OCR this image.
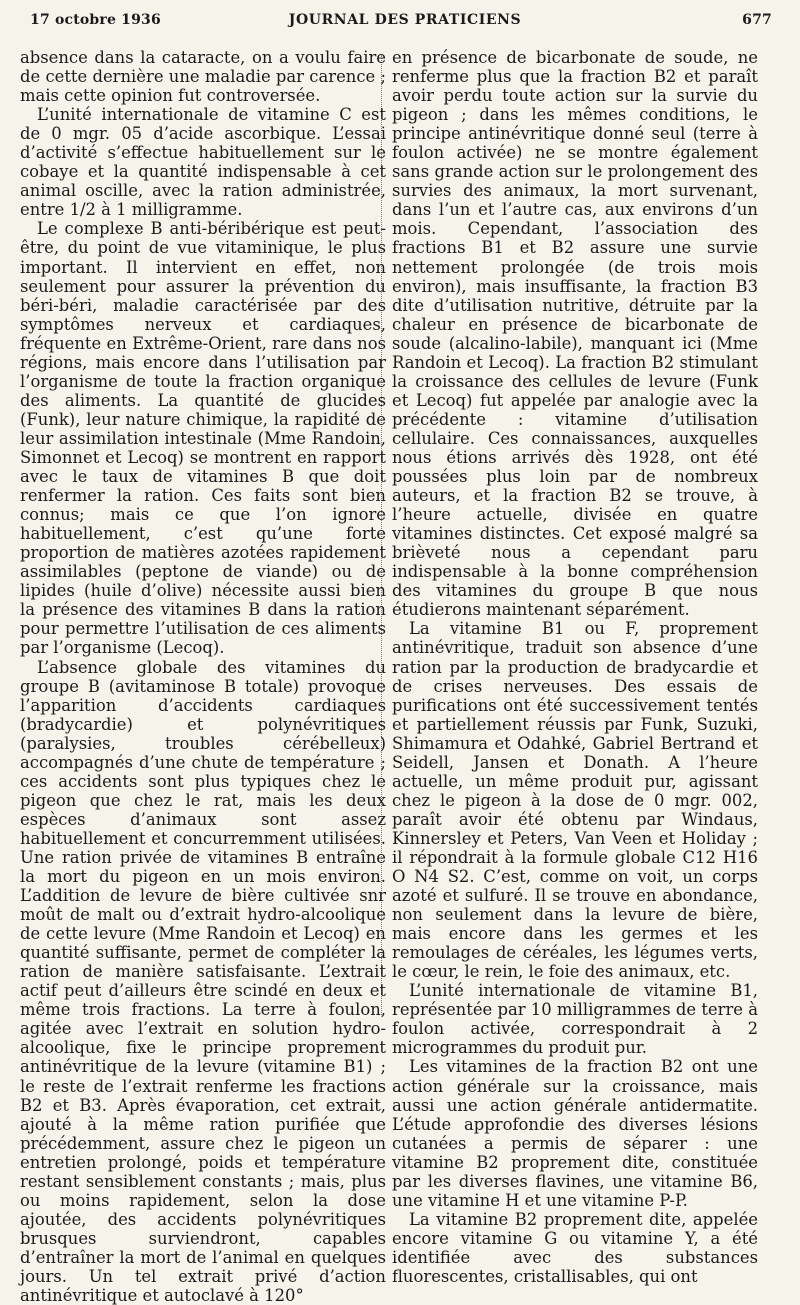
17 octobre 1936	JOURNAL DES PRATICIENS	677

absence dans la cataracte, on a voulu faire de cette dernière une maladie par carence ; mais cette opinion fut controversée.

L’unité internationale de vitamine C est de 0 mgr. 05 d’acide ascorbique. L’essai d’activité s’effectue habituellement sur le cobaye et la quantité indispensable à cet animal oscille, avec la ration administrée, entre 1/2 à 1 milligramme.

Le complexe B anti-béribérique est peut-être, du point de vue vitaminique, le plus important. Il intervient en effet, non seulement pour assurer la prévention du béri-béri, maladie caractérisée par des symptômes nerveux et cardiaques, fréquente en Extrême-Orient, rare dans nos régions, mais encore dans l’utilisation par l’organisme de toute la fraction organique des aliments. La quantité de glucides (Funk), leur nature chimique, la rapidité de leur assimilation intestinale (Mme Randoin, Simonnet et Lecoq) se montrent en rapport avec le taux de vitamines B que doit renfermer la ration. Ces faits sont bien connus; mais ce que l’on ignore habituellement, c’est qu’une forte proportion de matières azotées rapidement assimilables (peptone de viande) ou de lipides (huile d’olive) nécessite aussi bien la présence des vitamines B dans la ration pour permettre l’utilisation de ces aliments par l’organisme (Lecoq).

L’absence globale des vitamines du groupe B (avitaminose B totale) provoque l’apparition d’accidents cardiaques (bradycardie) et polynévritiques (paralysies, troubles cérébelleux) accompagnés d’une chute de température ; ces accidents sont plus typiques chez le pigeon que chez le rat, mais les deux espèces d’animaux sont assez habituellement et concurremment utilisées. Une ration privée de vitamines B entraîne la mort du pigeon en un mois environ. L’addition de levure de bière cultivée snr moût de malt ou d’extrait hydro-alcoolique de cette levure (Mme Randoin et Lecoq) en quantité suffisante, permet de compléter la ration de manière satisfaisante. L’extrait actif peut d’ailleurs être scindé en deux et même trois fractions. La terre à foulon, agitée avec l’extrait en solution hydro-alcoolique, fixe le principe proprement antinévritique de la levure (vitamine B1) ; le reste de l’extrait renferme les fractions B2 et B3. Après évaporation, cet extrait, ajouté à la même ration purifiée que précédemment, assure chez le pigeon un entretien prolongé, poids et température restant sensiblement constants ; mais, plus ou moins rapidement, selon la dose ajoutée, des accidents polynévritiques brusques surviendront, capables d’entraîner la mort de l’animal en quelques jours. Un tel extrait privé d’action antinévritique et autoclavé à 120°

en présence de bicarbonate de soude, ne renferme plus que la fraction B2 et paraît avoir perdu toute action sur la survie du pigeon ; dans les mêmes conditions, le principe antinévritique donné seul (terre à foulon activée) ne se montre également sans grande action sur le prolongement des survies des animaux, la mort survenant, dans l’un et l’autre cas, aux environs d’un mois. Cependant, l’association des fractions B1 et B2 assure une survie nettement prolongée (de trois mois environ), mais insuffisante, la fraction B3 dite d’utilisation nutritive, détruite par la chaleur en présence de bicarbonate de soude (alcalino-labile), manquant ici (Mme Randoin et Lecoq). La fraction B2 stimulant la croissance des cellules de levure (Funk et Lecoq) fut appelée par analogie avec la précédente : vitamine d’utilisation cellulaire. Ces connaissances, auxquelles nous étions arrivés dès 1928, ont été poussées plus loin par de nombreux auteurs, et la fraction B2 se trouve, à l’heure actuelle, divisée en quatre vitamines distinctes. Cet exposé malgré sa brièveté nous a cependant paru indispensable à la bonne compréhension des vitamines du groupe B que nous étudierons maintenant séparément.

La vitamine B1 ou F, proprement antinévritique, traduit son absence d’une ration par la production de bradycardie et de crises nerveuses. Des essais de purifications ont été successivement tentés et partiellement réussis par Funk, Suzuki, Shimamura et Odahké, Gabriel Bertrand et Seidell, Jansen et Donath. A l’heure actuelle, un même produit pur, agissant chez le pigeon à la dose de 0 mgr. 002, paraît avoir été obtenu par Windaus, Kinnersley et Peters, Van Veen et Holiday ; il répondrait à la formule globale C12 H16 O N4 S2. C’est, comme on voit, un corps azoté et sulfuré. Il se trouve en abondance, non seulement dans la levure de bière, mais encore dans les germes et les remoulages de céréales, les légumes verts, le cœur, le rein, le foie des animaux, etc.

L’unité internationale de vitamine B1, représentée par 10 milligrammes de terre à foulon activée, correspondrait à 2 microgrammes du produit pur.

Les vitamines de la fraction B2 ont une action générale sur la croissance, mais aussi une action générale antidermatite. L’étude approfondie des diverses lésions cutanées a permis de séparer : une vitamine B2 proprement dite, constituée par les diverses flavines, une vitamine B6, une vitamine H et une vitamine P-P.

La vitamine B2 proprement dite, appelée encore vitamine G ou vitamine Y, a été identifiée avec des substances fluorescentes, cristallisables, qui ont
